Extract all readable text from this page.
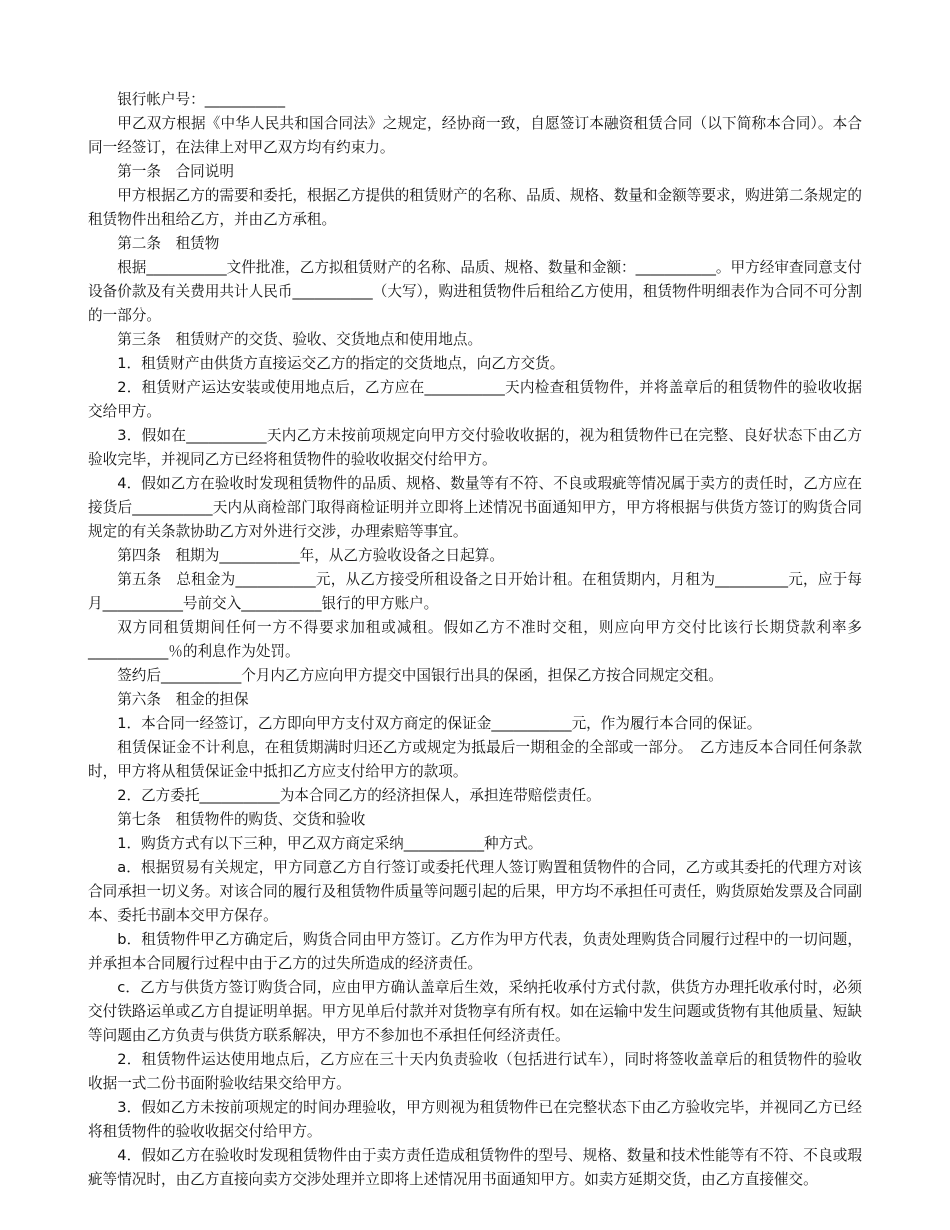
银行帐户号：___________

甲乙双方根据《中华人民共和国合同法》之规定，经协商一致，自愿签订本融资租赁合同（以下简称本合同）。本合同一经签订，在法律上对甲乙双方均有约束力。

第一条　合同说明

甲方根据乙方的需要和委托，根据乙方提供的租赁财产的名称、品质、规格、数量和金额等要求，购进第二条规定的租赁物件出租给乙方，并由乙方承租。

第二条　租赁物

根据___________文件批准，乙方拟租赁财产的名称、品质、规格、数量和金额：___________。甲方经审查同意支付设备价款及有关费用共计人民币___________（大写），购进租赁物件后租给乙方使用，租赁物件明细表作为合同不可分割的一部分。

第三条　租赁财产的交货、验收、交货地点和使用地点。

1．租赁财产由供货方直接运交乙方的指定的交货地点，向乙方交货。

2．租赁财产运达安装或使用地点后，乙方应在___________天内检查租赁物件，并将盖章后的租赁物件的验收收据交给甲方。

3．假如在___________天内乙方未按前项规定向甲方交付验收收据的，视为租赁物件已在完整、良好状态下由乙方验收完毕，并视同乙方已经将租赁物件的验收收据交付给甲方。

4．假如乙方在验收时发现租赁物件的品质、规格、数量等有不符、不良或瑕疵等情况属于卖方的责任时，乙方应在接货后___________天内从商检部门取得商检证明并立即将上述情况书面通知甲方，甲方将根据与供货方签订的购货合同规定的有关条款协助乙方对外进行交涉，办理索赔等事宜。

第四条　租期为___________年，从乙方验收设备之日起算。

第五条　总租金为___________元，从乙方接受所租设备之日开始计租。在租赁期内，月租为__________元，应于每月___________号前交入___________银行的甲方账户。

双方同租赁期间任何一方不得要求加租或减租。假如乙方不准时交租，则应向甲方交付比该行长期贷款利率多___________％的利息作为处罚。

签约后___________个月内乙方应向甲方提交中国银行出具的保函，担保乙方按合同规定交租。

第六条　租金的担保

1．本合同一经签订，乙方即向甲方支付双方商定的保证金___________元，作为履行本合同的保证。

租赁保证金不计利息，在租赁期满时归还乙方或规定为抵最后一期租金的全部或一部分。　乙方违反本合同任何条款时，甲方将从租赁保证金中抵扣乙方应支付给甲方的款项。

2．乙方委托___________为本合同乙方的经济担保人，承担连带赔偿责任。

第七条　租赁物件的购货、交货和验收

1．购货方式有以下三种，甲乙双方商定采纳___________种方式。

a．根据贸易有关规定，甲方同意乙方自行签订或委托代理人签订购置租赁物件的合同，乙方或其委托的代理方对该合同承担一切义务。对该合同的履行及租赁物件质量等问题引起的后果，甲方均不承担任可责任，购货原始发票及合同副本、委托书副本交甲方保存。

b．租赁物件甲乙方确定后，购货合同由甲方签订。乙方作为甲方代表，负责处理购货合同履行过程中的一切问题，并承担本合同履行过程中由于乙方的过失所造成的经济责任。

c．乙方与供货方签订购货合同，应由甲方确认盖章后生效，采纳托收承付方式付款，供货方办理托收承付时，必须交付铁路运单或乙方自提证明单据。甲方见单后付款并对货物享有所有权。如在运输中发生问题或货物有其他质量、短缺等问题由乙方负责与供货方联系解决，甲方不参加也不承担任何经济责任。

2．租赁物件运达使用地点后，乙方应在三十天内负责验收（包括进行试车），同时将签收盖章后的租赁物件的验收收据一式二份书面附验收结果交给甲方。

3．假如乙方未按前项规定的时间办理验收，甲方则视为租赁物件已在完整状态下由乙方验收完毕，并视同乙方已经将租赁物件的验收收据交付给甲方。

4．假如乙方在验收时发现租赁物件由于卖方责任造成租赁物件的型号、规格、数量和技术性能等有不符、不良或瑕疵等情况时，由乙方直接向卖方交涉处理并立即将上述情况用书面通知甲方。如卖方延期交货，由乙方直接催交。
